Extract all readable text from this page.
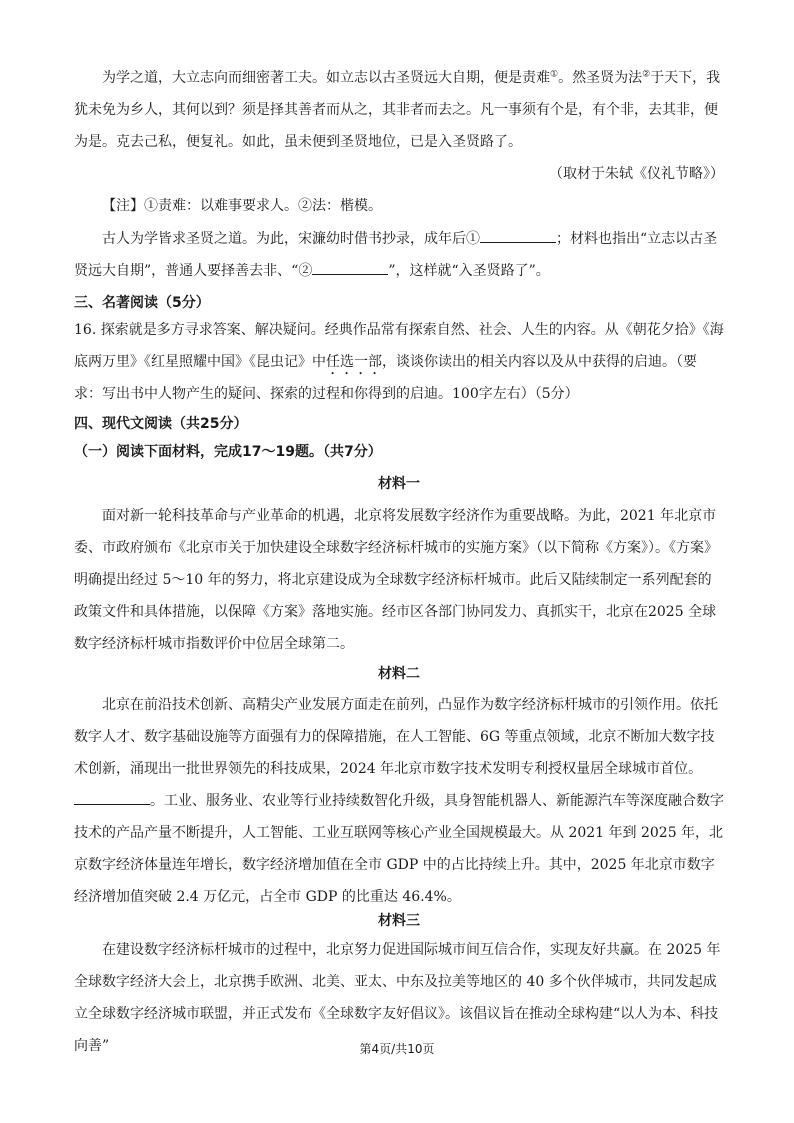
为学之道，大立志向而细密著工夫。如立志以古圣贤远大自期，便是责难①。然圣贤为法②于天下，我犹未免为乡人，其何以到？须是择其善者而从之，其非者而去之。凡一事须有个是，有个非，去其非，便为是。克去己私，便复礼。如此，虽未便到圣贤地位，已是入圣贤路了。

（取材于朱轼《仪礼节略》）

【注】①责难：以难事要求人。②法：楷模。

古人为学皆求圣贤之道。为此，宋濂幼时借书抄录，成年后①	；材料也指出“立志以古圣贤远大自期”，普通人要择善去非、“②	”，这样就“入圣贤路了”。

三、名著阅读（5分）

16. 探索就是多方寻求答案、解决疑问。经典作品常有探索自然、社会、人生的内容。从《朝花夕拾》《海底两万里》《红星照耀中国》《昆虫记》中任选一部，谈谈你读出的相关内容以及从中获得的启迪。（要求：写出书中人物产生的疑问、探索的过程和你得到的启迪。100字左右）（5分）

四、现代文阅读（共25分）

（一）阅读下面材料，完成17～19题。（共7分）

材料一

面对新一轮科技革命与产业革命的机遇，北京将发展数字经济作为重要战略。为此，2021 年北京市委、市政府颁布《北京市关于加快建设全球数字经济标杆城市的实施方案》（以下简称《方案》）。《方案》明确提出经过 5～10 年的努力，将北京建设成为全球数字经济标杆城市。此后又陆续制定一系列配套的政策文件和具体措施，以保障《方案》落地实施。经市区各部门协同发力、真抓实干，北京在2025 全球数字经济标杆城市指数评价中位居全球第二。

材料二

北京在前沿技术创新、高精尖产业发展方面走在前列，凸显作为数字经济标杆城市的引领作用。依托数字人才、数字基础设施等方面强有力的保障措施，在人工智能、6G 等重点领域，北京不断加大数字技术创新，涌现出一批世界领先的科技成果，2024 年北京市数字技术发明专利授权量居全球城市首位。。工业、服务业、农业等行业持续数智化升级，具身智能机器人、新能源汽车等深度融合数字技术的产品产量不断提升，人工智能、工业互联网等核心产业全国规模最大。从 2021 年到 2025 年，北京数字经济体量连年增长，数字经济增加值在全市 GDP 中的占比持续上升。其中，2025 年北京市数字经济增加值突破 2.4 万亿元，占全市 GDP 的比重达 46.4%。

材料三

在建设数字经济标杆城市的过程中，北京努力促进国际城市间互信合作，实现友好共赢。在 2025 年全球数字经济大会上，北京携手欧洲、北美、亚太、中东及拉美等地区的 40 多个伙伴城市，共同发起成立全球数字经济城市联盟，并正式发布《全球数字友好倡议》。该倡议旨在推动全球构建“以人为本、科技向善”	第4页/共10页
